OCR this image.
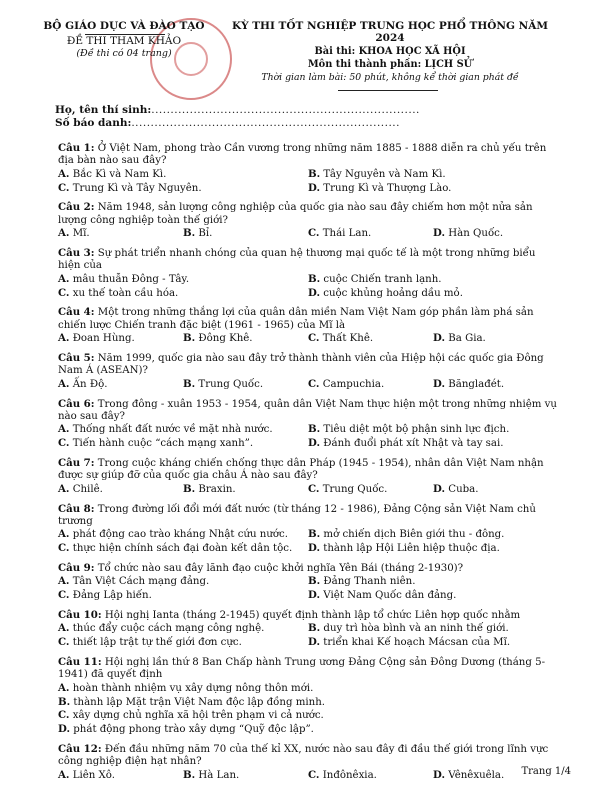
BỘ GIÁO DỤC VÀ ĐÀO TẠO
ĐỀ THI THAM KHẢO
(Đề thi có 04 trang)
KỲ THI TỐT NGHIỆP TRUNG HỌC PHỔ THÔNG NĂM 2024
Bài thi: KHOA HỌC XÃ HỘI
Môn thi thành phần: LỊCH SỬ
Thời gian làm bài: 50 phút, không kể thời gian phát đề
Họ, tên thí sinh:......................................................................
Số báo danh:......................................................................
Câu 1: Ở Việt Nam, phong trào Cần vương trong những năm 1885 - 1888 diễn ra chủ yếu trên địa bàn nào sau đây?
A. Bắc Kì và Nam Kì.	B. Tây Nguyên và Nam Kì.
C. Trung Kì và Tây Nguyên.	D. Trung Kì và Thượng Lào.
Câu 2: Năm 1948, sản lượng công nghiệp của quốc gia nào sau đây chiếm hơn một nửa sản lượng công nghiệp toàn thế giới?
A. Mĩ.	B. Bỉ.	C. Thái Lan.	D. Hàn Quốc.
Câu 3: Sự phát triển nhanh chóng của quan hệ thương mại quốc tế là một trong những biểu hiện của
A. mâu thuẫn Đông - Tây.	B. cuộc Chiến tranh lạnh.
C. xu thế toàn cầu hóa.	D. cuộc khủng hoảng dầu mỏ.
Câu 4: Một trong những thắng lợi của quân dân miền Nam Việt Nam góp phần làm phá sản chiến lược Chiến tranh đặc biệt (1961 - 1965) của Mĩ là
A. Đoan Hùng.	B. Đông Khê.	C. Thất Khê.	D. Ba Gia.
Câu 5: Năm 1999, quốc gia nào sau đây trở thành thành viên của Hiệp hội các quốc gia Đông Nam Á (ASEAN)?
A. Ấn Độ.	B. Trung Quốc.	C. Campuchia.	D. Bănglađét.
Câu 6: Trong đông - xuân 1953 - 1954, quân dân Việt Nam thực hiện một trong những nhiệm vụ nào sau đây?
A. Thống nhất đất nước về mặt nhà nước.	B. Tiêu diệt một bộ phận sinh lực địch.
C. Tiến hành cuộc “cách mạng xanh”.	D. Đánh đuổi phát xít Nhật và tay sai.
Câu 7: Trong cuộc kháng chiến chống thực dân Pháp (1945 - 1954), nhân dân Việt Nam nhận được sự giúp đỡ của quốc gia châu Á nào sau đây?
A. Chilê.	B. Braxin.	C. Trung Quốc.	D. Cuba.
Câu 8: Trong đường lối đổi mới đất nước (từ tháng 12 - 1986), Đảng Cộng sản Việt Nam chủ trương
A. phát động cao trào kháng Nhật cứu nước.	B. mở chiến dịch Biên giới thu - đông.
C. thực hiện chính sách đại đoàn kết dân tộc.	D. thành lập Hội Liên hiệp thuộc địa.
Câu 9: Tổ chức nào sau đây lãnh đạo cuộc khởi nghĩa Yên Bái (tháng 2-1930)?
A. Tân Việt Cách mạng đảng.	B. Đảng Thanh niên.
C. Đảng Lập hiến.	D. Việt Nam Quốc dân đảng.
Câu 10: Hội nghị Ianta (tháng 2-1945) quyết định thành lập tổ chức Liên hợp quốc nhằm
A. thúc đẩy cuộc cách mạng công nghệ.	B. duy trì hòa bình và an ninh thế giới.
C. thiết lập trật tự thế giới đơn cực.	D. triển khai Kế hoạch Mácsan của Mĩ.
Câu 11: Hội nghị lần thứ 8 Ban Chấp hành Trung ương Đảng Cộng sản Đông Dương (tháng 5-1941) đã quyết định
A. hoàn thành nhiệm vụ xây dựng nông thôn mới.
B. thành lập Mặt trận Việt Nam độc lập đồng minh.
C. xây dựng chủ nghĩa xã hội trên phạm vi cả nước.
D. phát động phong trào xây dựng “Quỹ độc lập”.
Câu 12: Đến đầu những năm 70 của thế kỉ XX, nước nào sau đây đi đầu thế giới trong lĩnh vực công nghiệp điện hạt nhân?
A. Liên Xô.	B. Hà Lan.	C. Inđônêxia.	D. Vênêxuêla.	Trang 1/4
